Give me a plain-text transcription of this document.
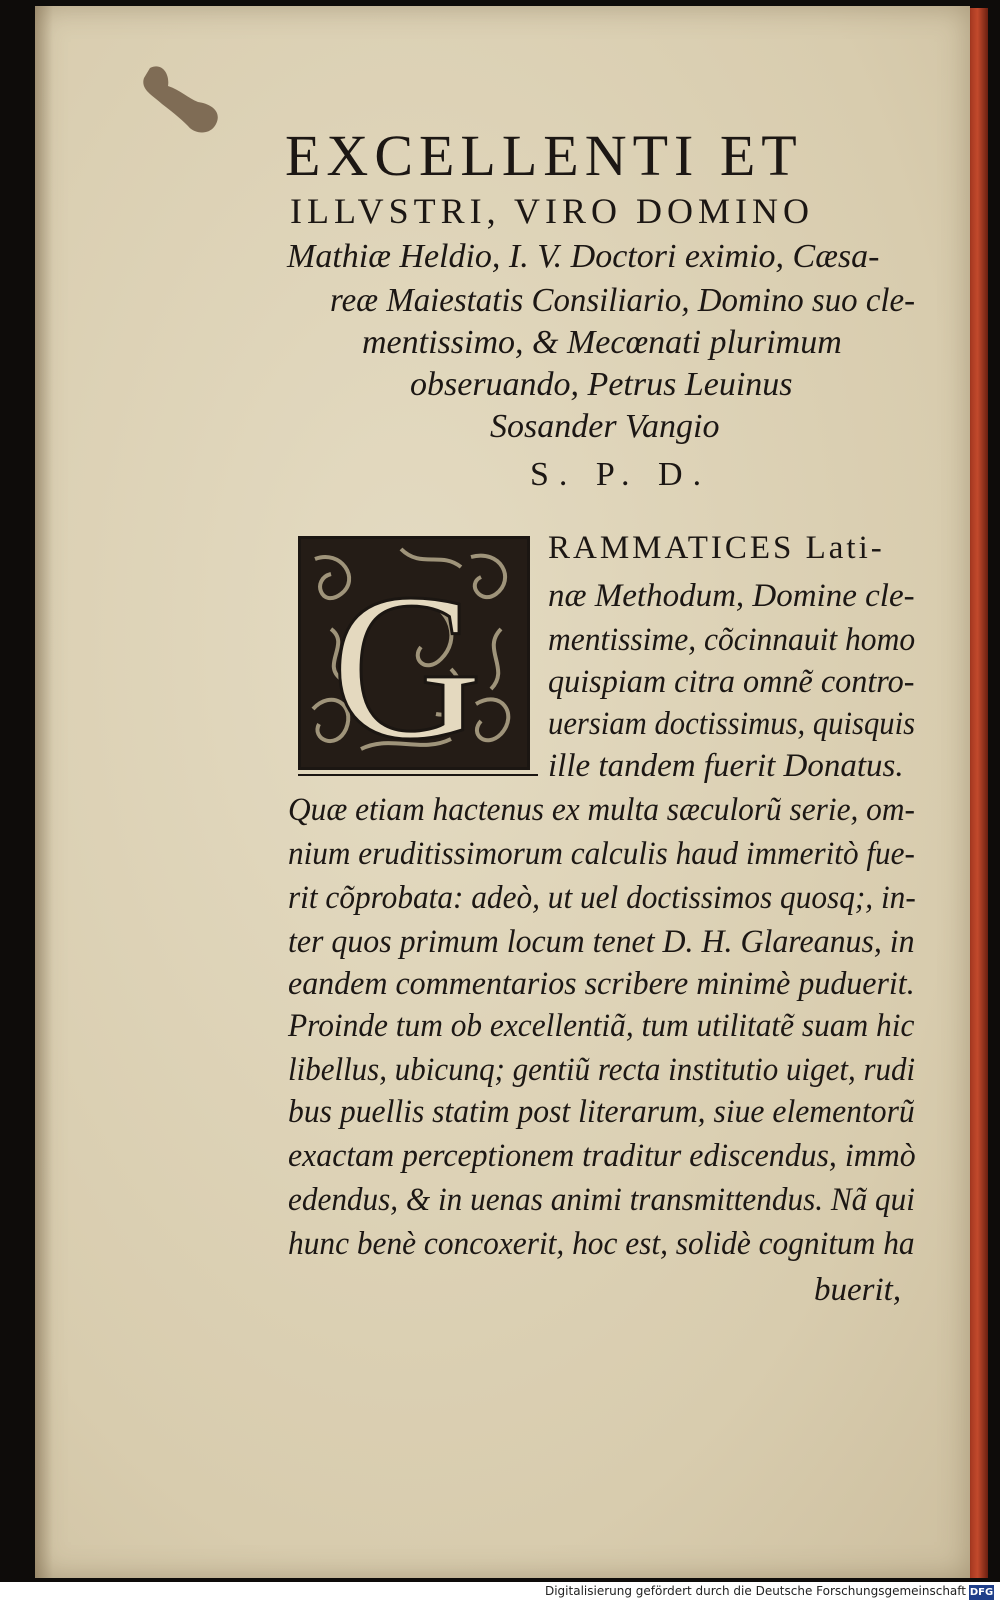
EXCELLENTI ET
ILLVSTRI, VIRO DOMINO
Mathiæ Heldio, I. V. Doctori eximio, Cæsa-
reæ Maiestatis Consiliario, Domino suo cle-
mentissimo, & Mecœnati plurimum
obseruando, Petrus Leuinus
Sosander Vangio
S. P. D.
G
RAMMATICES Lati-
næ Methodum, Domine cle-
mentissime, cõcinnauit homo
quispiam citra omnẽ contro-
uersiam doctissimus, quisquis
ille tandem fuerit Donatus.
Quæ etiam hactenus ex multa sæculorũ serie, om-
nium eruditissimorum calculis haud immeritò fue-
rit cõprobata: adeò, ut uel doctissimos quosq;, in-
ter quos primum locum tenet D. H. Glareanus, in
eandem commentarios scribere minimè puduerit.
Proinde tum ob excellentiã, tum utilitatẽ suam hic
libellus, ubicunq; gentiũ recta institutio uiget, rudi
bus puellis statim post literarum, siue elementorũ
exactam perceptionem traditur ediscendus, immò
edendus, & in uenas animi transmittendus. Nã qui
hunc benè concoxerit, hoc est, solidè cognitum ha
buerit,
Digitalisierung gefördert durch die Deutsche Forschungsgemeinschaft DFG
